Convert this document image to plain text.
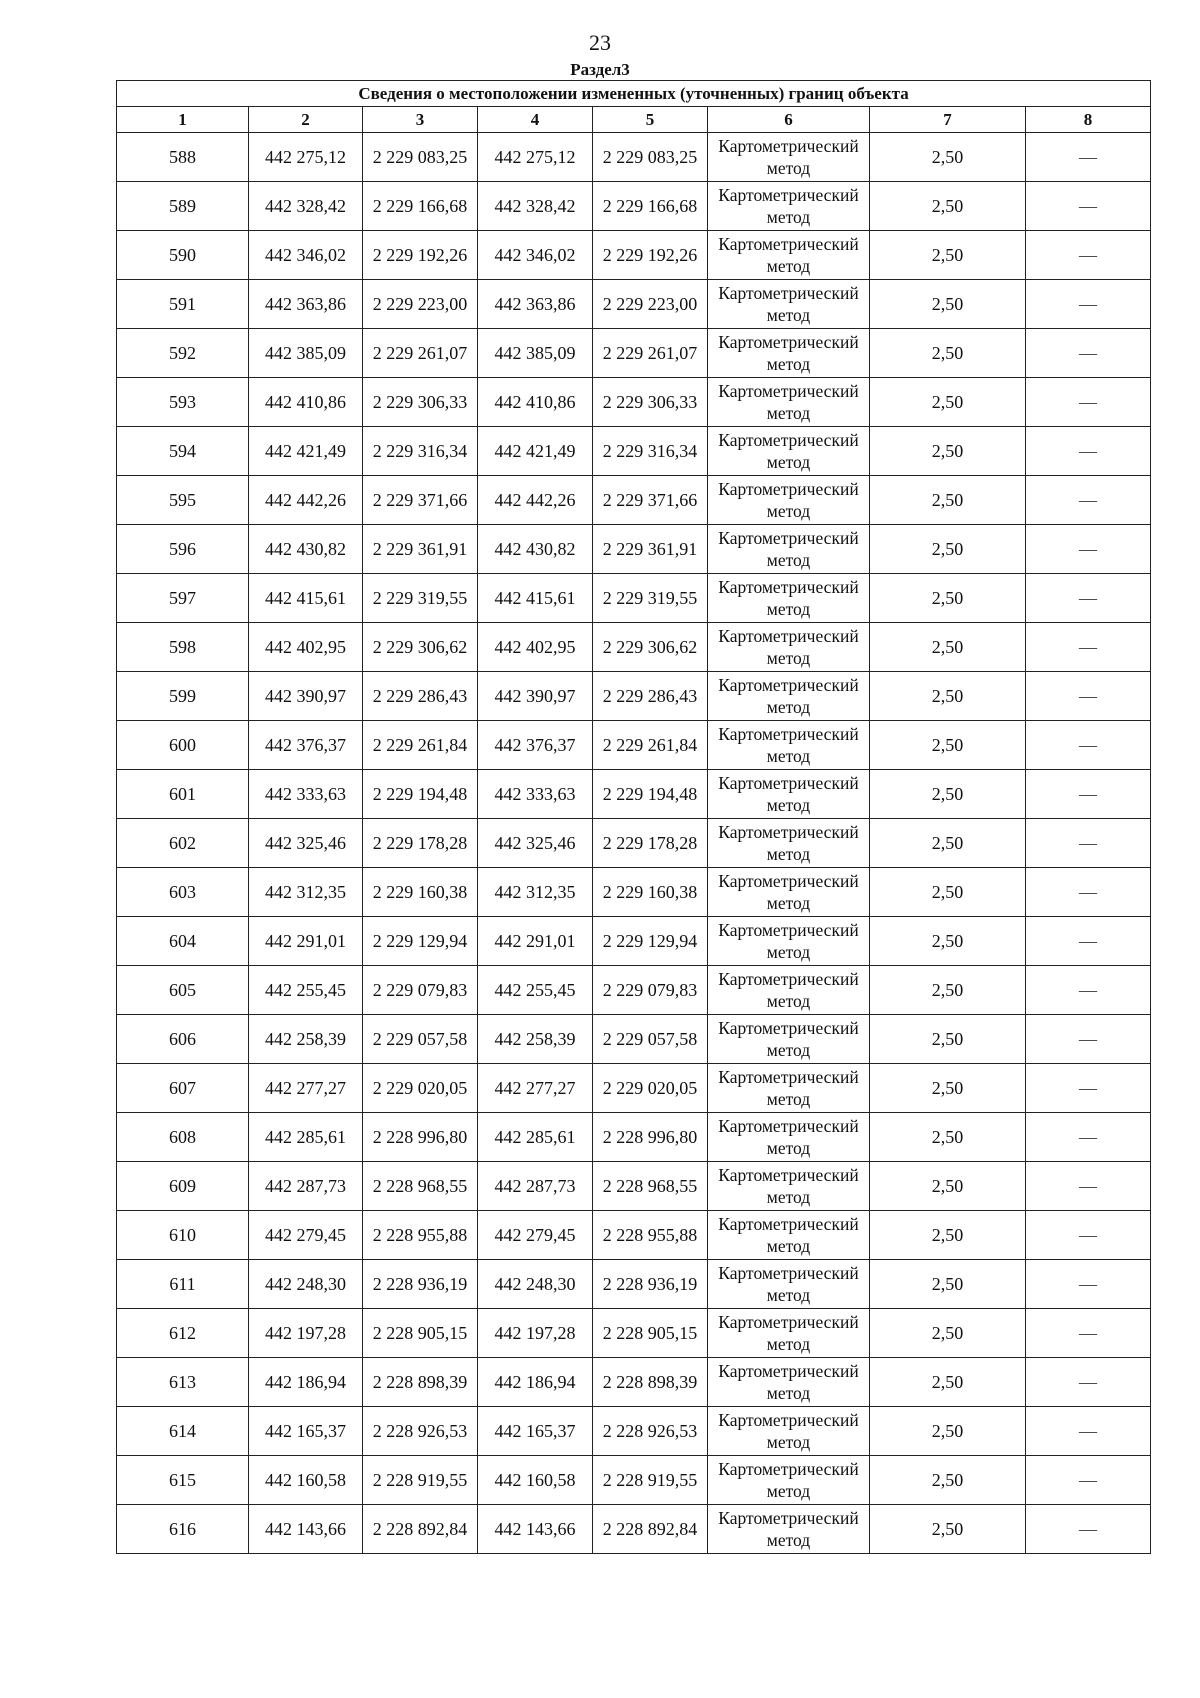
23
Раздел3
Сведения о местоположении измененных (уточненных) границ объекта							
1	2	3	4	5	6	7	8
588	442 275,12	2 229 083,25	442 275,12	2 229 083,25	Картометрический метод	2,50	—
589	442 328,42	2 229 166,68	442 328,42	2 229 166,68	Картометрический метод	2,50	—
590	442 346,02	2 229 192,26	442 346,02	2 229 192,26	Картометрический метод	2,50	—
591	442 363,86	2 229 223,00	442 363,86	2 229 223,00	Картометрический метод	2,50	—
592	442 385,09	2 229 261,07	442 385,09	2 229 261,07	Картометрический метод	2,50	—
593	442 410,86	2 229 306,33	442 410,86	2 229 306,33	Картометрический метод	2,50	—
594	442 421,49	2 229 316,34	442 421,49	2 229 316,34	Картометрический метод	2,50	—
595	442 442,26	2 229 371,66	442 442,26	2 229 371,66	Картометрический метод	2,50	—
596	442 430,82	2 229 361,91	442 430,82	2 229 361,91	Картометрический метод	2,50	—
597	442 415,61	2 229 319,55	442 415,61	2 229 319,55	Картометрический метод	2,50	—
598	442 402,95	2 229 306,62	442 402,95	2 229 306,62	Картометрический метод	2,50	—
599	442 390,97	2 229 286,43	442 390,97	2 229 286,43	Картометрический метод	2,50	—
600	442 376,37	2 229 261,84	442 376,37	2 229 261,84	Картометрический метод	2,50	—
601	442 333,63	2 229 194,48	442 333,63	2 229 194,48	Картометрический метод	2,50	—
602	442 325,46	2 229 178,28	442 325,46	2 229 178,28	Картометрический метод	2,50	—
603	442 312,35	2 229 160,38	442 312,35	2 229 160,38	Картометрический метод	2,50	—
604	442 291,01	2 229 129,94	442 291,01	2 229 129,94	Картометрический метод	2,50	—
605	442 255,45	2 229 079,83	442 255,45	2 229 079,83	Картометрический метод	2,50	—
606	442 258,39	2 229 057,58	442 258,39	2 229 057,58	Картометрический метод	2,50	—
607	442 277,27	2 229 020,05	442 277,27	2 229 020,05	Картометрический метод	2,50	—
608	442 285,61	2 228 996,80	442 285,61	2 228 996,80	Картометрический метод	2,50	—
609	442 287,73	2 228 968,55	442 287,73	2 228 968,55	Картометрический метод	2,50	—
610	442 279,45	2 228 955,88	442 279,45	2 228 955,88	Картометрический метод	2,50	—
611	442 248,30	2 228 936,19	442 248,30	2 228 936,19	Картометрический метод	2,50	—
612	442 197,28	2 228 905,15	442 197,28	2 228 905,15	Картометрический метод	2,50	—
613	442 186,94	2 228 898,39	442 186,94	2 228 898,39	Картометрический метод	2,50	—
614	442 165,37	2 228 926,53	442 165,37	2 228 926,53	Картометрический метод	2,50	—
615	442 160,58	2 228 919,55	442 160,58	2 228 919,55	Картометрический метод	2,50	—
616	442 143,66	2 228 892,84	442 143,66	2 228 892,84	Картометрический метод	2,50	—
